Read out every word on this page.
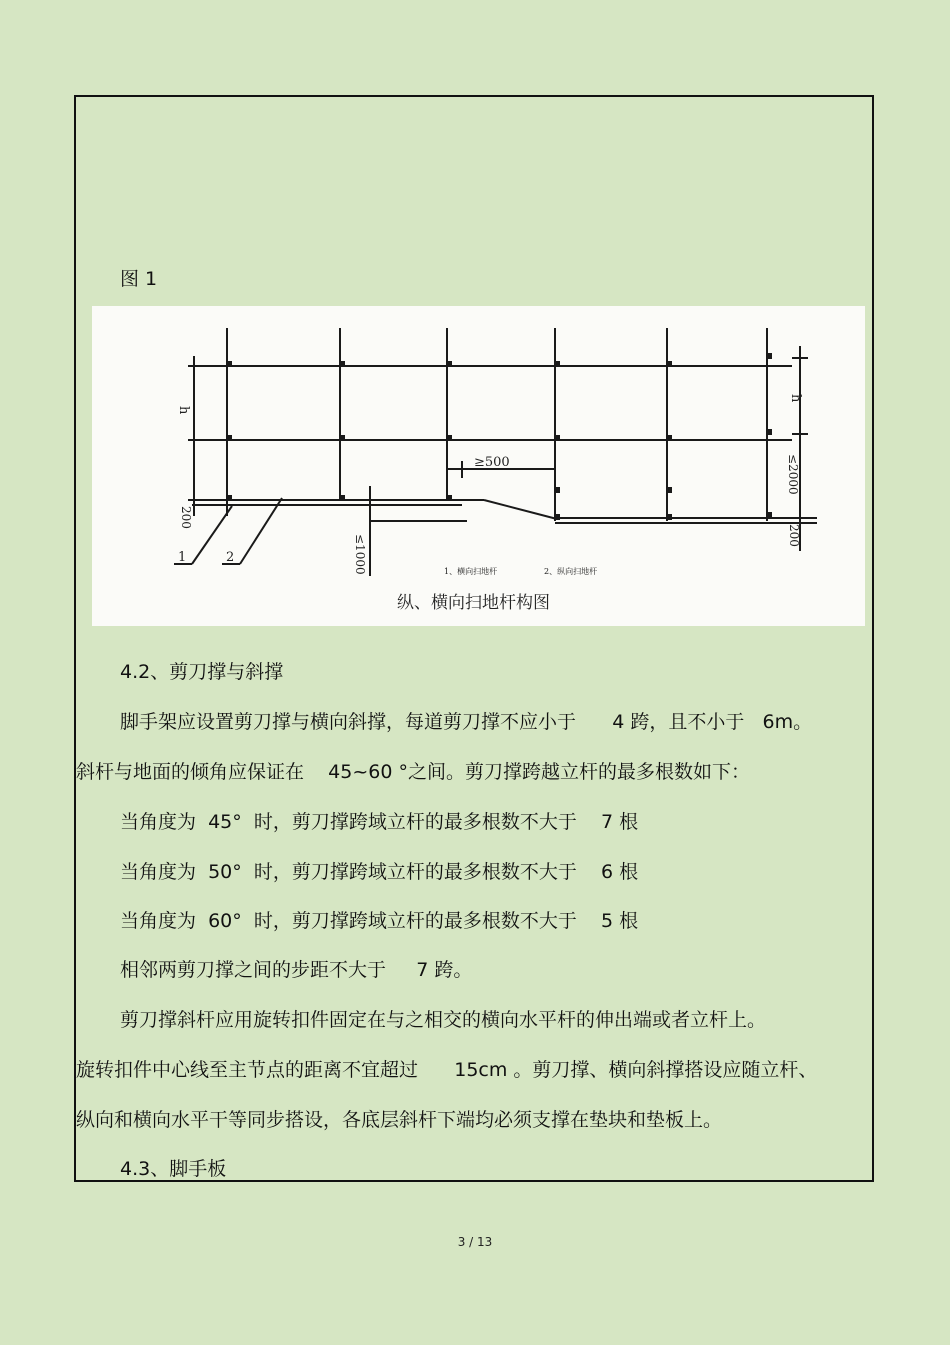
图 1
h
h
≥500	≤2000
200
200
≤1000
1	2
1、横向扫地杆	2、纵向扫地杆
纵、横向扫地杆构图
4.2、剪刀撑与斜撑
脚手架应设置剪刀撑与横向斜撑，每道剪刀撑不应小于      4 跨，且不小于   6m。
斜杆与地面的倾角应保证在    45~60 °之间。剪刀撑跨越立杆的最多根数如下：
当角度为  45°  时，剪刀撑跨域立杆的最多根数不大于    7 根
当角度为  50°  时，剪刀撑跨域立杆的最多根数不大于    6 根
当角度为  60°  时，剪刀撑跨域立杆的最多根数不大于    5 根
相邻两剪刀撑之间的步距不大于     7 跨。
剪刀撑斜杆应用旋转扣件固定在与之相交的横向水平杆的伸出端或者立杆上。
旋转扣件中心线至主节点的距离不宜超过      15cm 。剪刀撑、横向斜撑搭设应随立杆、
纵向和横向水平干等同步搭设，各底层斜杆下端均必须支撑在垫块和垫板上。
4.3、脚手板
3 / 13
